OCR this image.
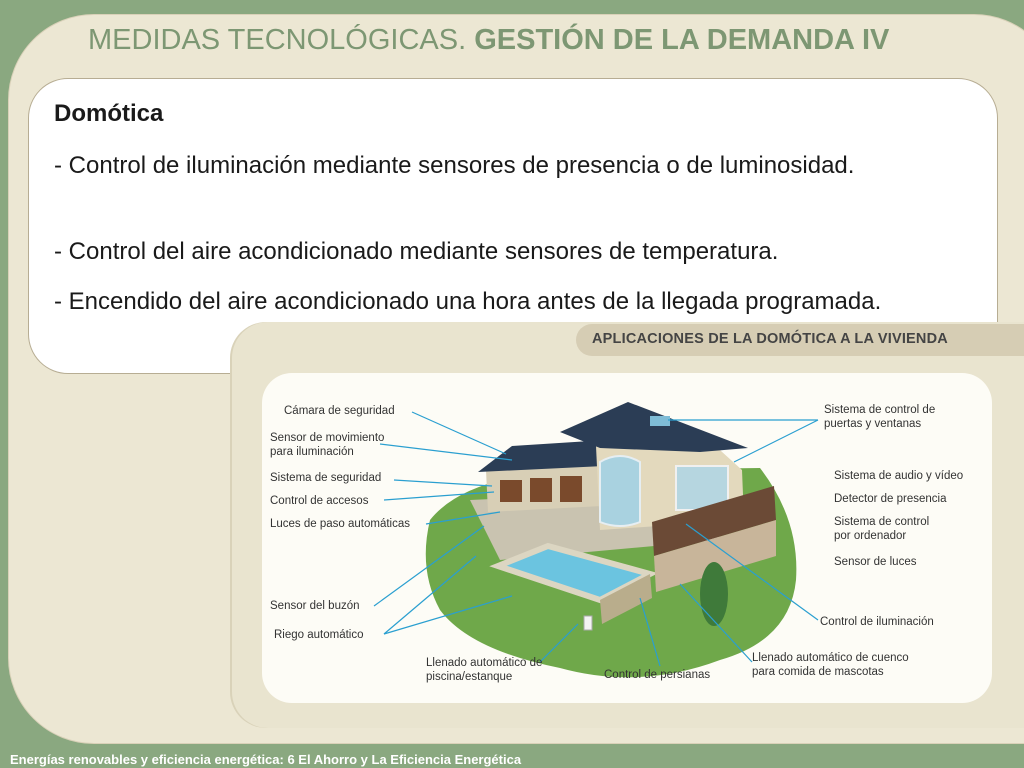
MEDIDAS TECNOLÓGICAS. GESTIÓN DE LA DEMANDA IV
Domótica
- Control de iluminación mediante sensores de presencia o de luminosidad.
- Control del aire acondicionado mediante sensores de temperatura.
- Encendido del aire acondicionado una hora antes de la llegada programada.
APLICACIONES DE LA DOMÓTICA A LA VIVIENDA
Cámara de seguridad
Sensor de movimiento
para iluminación
Sistema de seguridad
Control de accesos
Luces de paso automáticas
Sensor del buzón
Riego automático
Sistema de control de
puertas y ventanas
Sistema de audio y vídeo
Detector de presencia
Sistema de control
por ordenador
Sensor de luces
Control de iluminación
Llenado automático de
piscina/estanque	Control de persianas
Llenado automático de cuenco
para comida de mascotas
Energías renovables y eficiencia energética: 6 El Ahorro y La Eficiencia Energética
